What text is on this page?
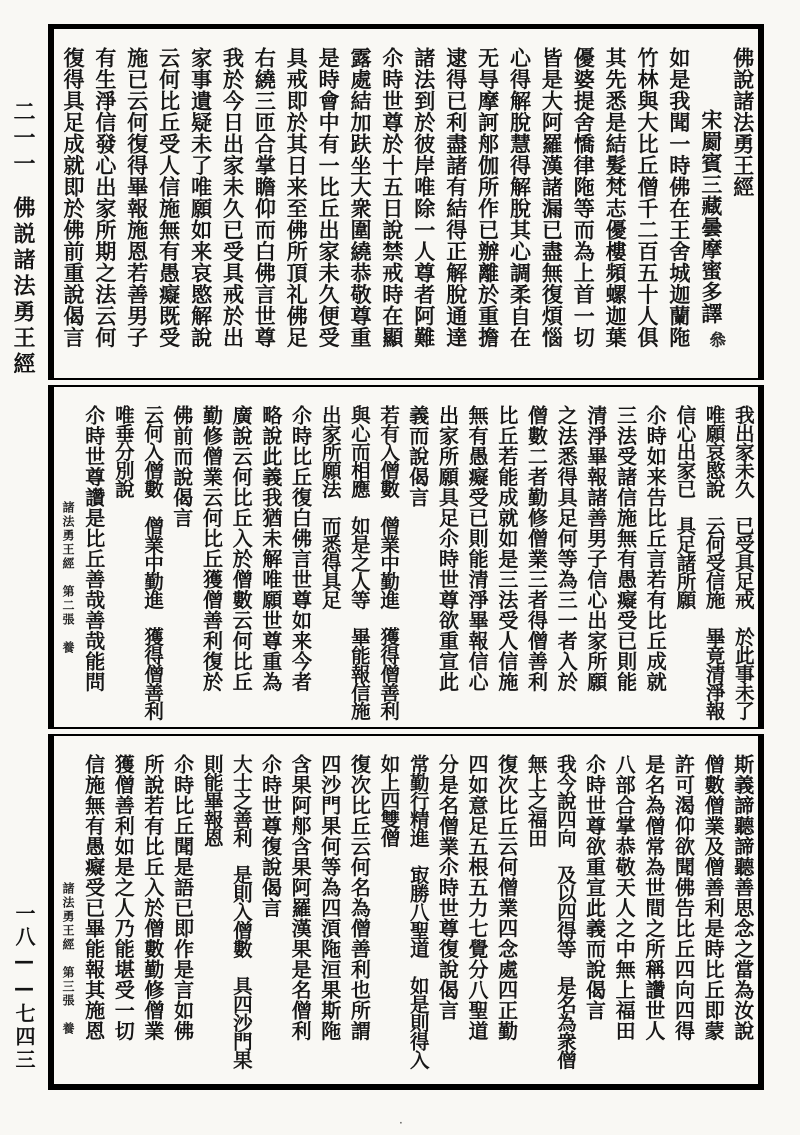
二一一佛説諸法勇王經
一八——七四三
佛說諸法勇王經
宋罽賓三藏曇摩蜜多譯
如是我聞一時佛在王舍城迦蘭陁
竹林與大比丘僧千二百五十人俱
其先悉是結髮梵志優樓頻螺迦葉
優婆提舍憍律陁等而為上首一切
皆是大阿羅漢諸漏已盡無復煩惱
心得解脫慧得解脫其心調柔自在
无㝵摩訶郍伽所作已辦離於重擔
逮得已利盡諸有結得正解脫通達
諸法到於彼岸唯除一人尊者阿難
尒時世尊於十五日說禁戒時在顯
露處結加趺坐大衆圍繞恭敬尊重
是時會中有一比丘出家未久便受
具戒即於其日来至佛所頂礼佛足
右繞三匝合掌瞻仰而白佛言世尊
我於今日出家未久已受具戒於出
家事遺疑未了唯願如来哀愍解說
云何比丘受人信施無有愚癡既受
施已云何復得畢報施恩若善男子
有生淨信發心出家所期之法云何
復得具足成就即於佛前重說偈言	叅
我出家未久　已受具足戒　於此事未了
唯願哀愍說　云何受信施　畢竟清淨報
信心出家已　具足諸所願
尒時如来告比丘言若有比丘成就
三法受諸信施無有愚癡受已則能
清淨畢報諸善男子信心出家所願
之法悉得具足何等為三一者入於
僧數二者勤修僧業三者得僧善利
比丘若能成就如是三法受人信施
無有愚癡受已則能清淨畢報信心
出家所願具足尒時世尊欲重宣此
義而說偈言
若有入僧數　僧業中勤進　獲得僧善利
與心而相應　如是之人等　畢能報信施
出家所願法　而悉得具足
尒時比丘復白佛言世尊如来今者
略說此義我猶未解唯願世尊重為
廣說云何比丘入於僧數云何比丘
勤修僧業云何比丘獲僧善利復於
佛前而說偈言
云何入僧數　僧業中勤進　獲得僧善利
唯垂分別說
尒時世尊讚是比丘善哉善哉能問
諸法勇王經　第二張　養
斯義諦聽諦聽善思念之當為汝說
僧數僧業及僧善利是時比丘即蒙
許可渴仰欲聞佛告比丘四向四得
是名為僧常為世間之所稱讚世人
八部合掌恭敬天人之中無上福田
尒時世尊欲重宣此義而說偈言
我今說四向　及以四得等　是名為衆僧
無上之福田
復次比丘云何僧業四念處四正勤
四如意足五根五力七覺分八聖道
分是名僧業尒時世尊復說偈言
常勤行精進　㝡勝八聖道　如是則得入
如上四雙僧
復次比丘云何名為僧善利也所謂
四沙門果何等為四湏陁洹果斯陁
含果阿郍含果阿羅漢果是名僧利
尒時世尊復說偈言
大士之善利　是則入僧數　具四沙門果
則能畢報恩
尒時比丘聞是語已即作是言如佛
所說若有比丘入於僧數勤修僧業
獲僧善利如是之人乃能堪受一切
信施無有愚癡受已畢能報其施恩
諸法勇王經　第三張　養
·
